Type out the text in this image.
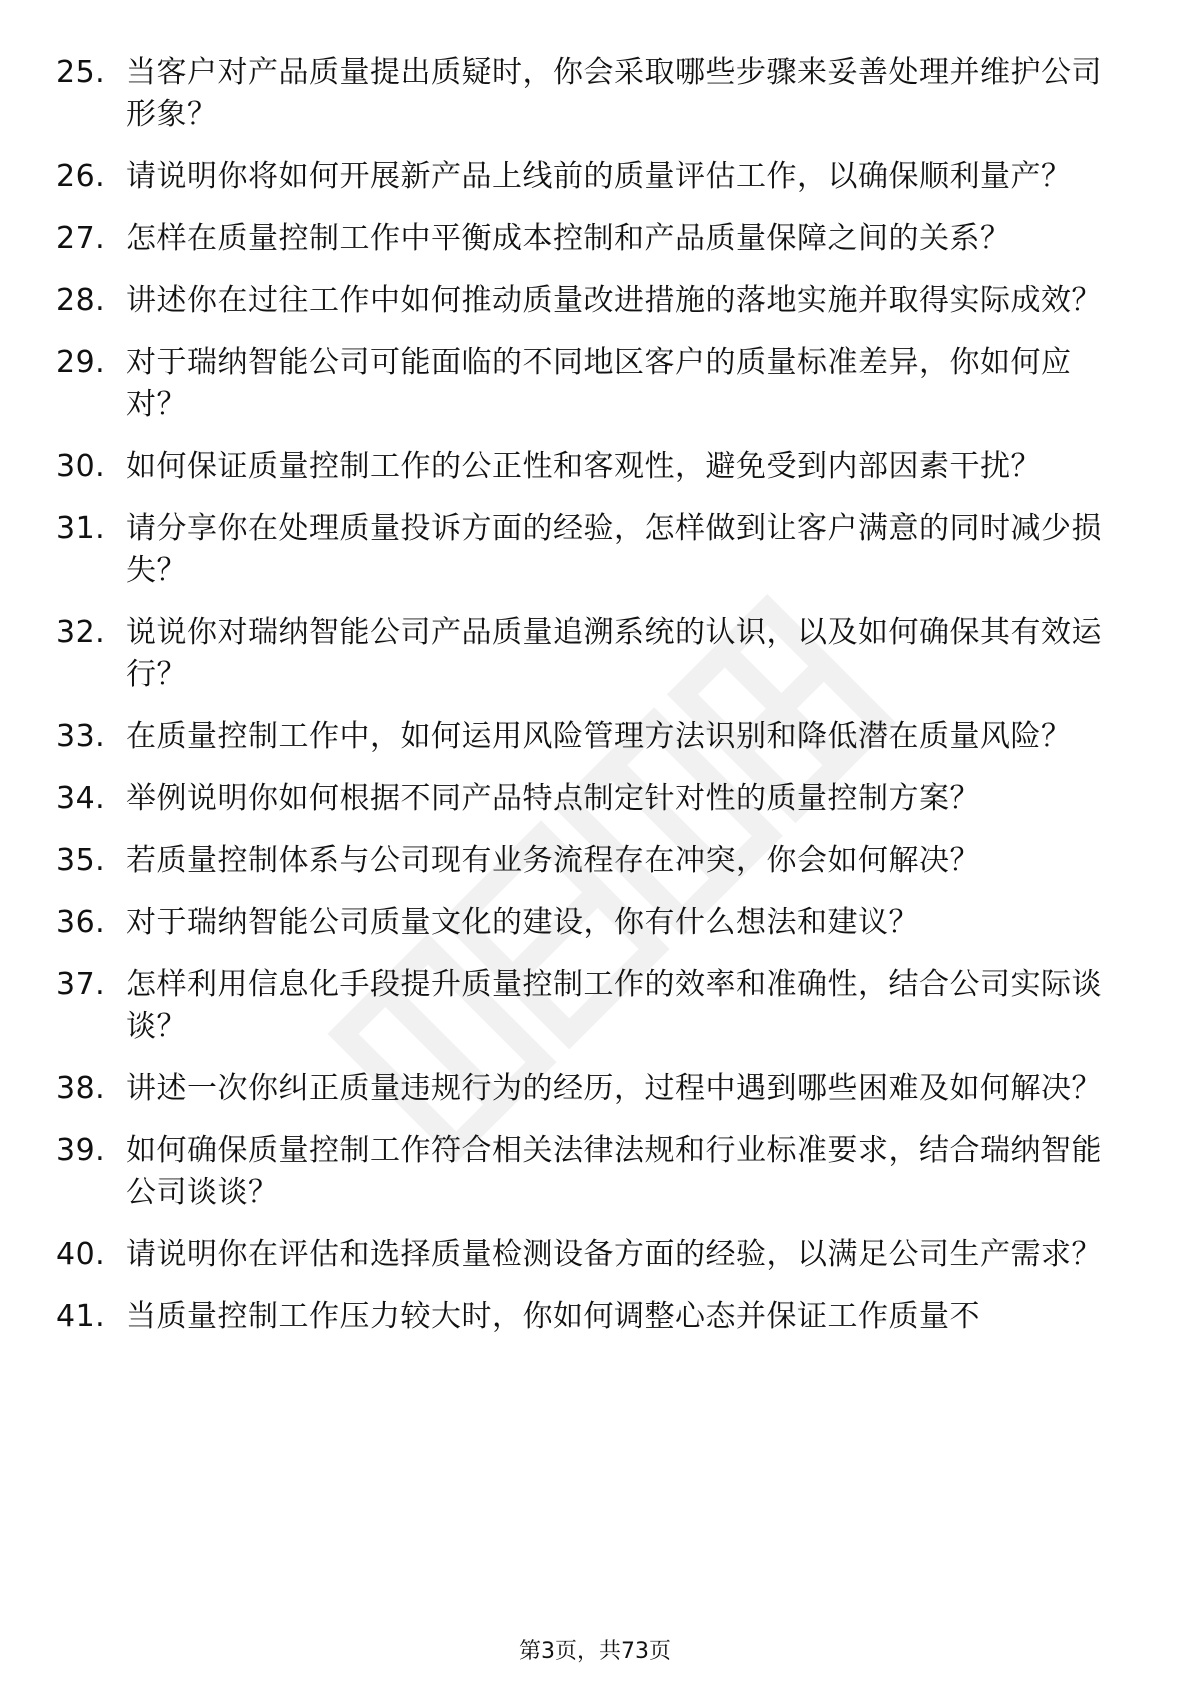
25. 当客户对产品质量提出质疑时，你会采取哪些步骤来妥善处理并维护公司形象？
26. 请说明你将如何开展新产品上线前的质量评估工作，以确保顺利量产？
27. 怎样在质量控制工作中平衡成本控制和产品质量保障之间的关系？
28. 讲述你在过往工作中如何推动质量改进措施的落地实施并取得实际成效？
29. 对于瑞纳智能公司可能面临的不同地区客户的质量标准差异，你如何应对？
30. 如何保证质量控制工作的公正性和客观性，避免受到内部因素干扰？
31. 请分享你在处理质量投诉方面的经验，怎样做到让客户满意的同时减少损失？
32. 说说你对瑞纳智能公司产品质量追溯系统的认识，以及如何确保其有效运行？
33. 在质量控制工作中，如何运用风险管理方法识别和降低潜在质量风险？
34. 举例说明你如何根据不同产品特点制定针对性的质量控制方案？
35. 若质量控制体系与公司现有业务流程存在冲突，你会如何解决？
36. 对于瑞纳智能公司质量文化的建设，你有什么想法和建议？
37. 怎样利用信息化手段提升质量控制工作的效率和准确性，结合公司实际谈谈？
38. 讲述一次你纠正质量违规行为的经历，过程中遇到哪些困难及如何解决？
39. 如何确保质量控制工作符合相关法律法规和行业标准要求，结合瑞纳智能公司谈谈？
40. 请说明你在评估和选择质量检测设备方面的经验，以满足公司生产需求？
41. 当质量控制工作压力较大时，你如何调整心态并保证工作质量不
第3页，共73页
